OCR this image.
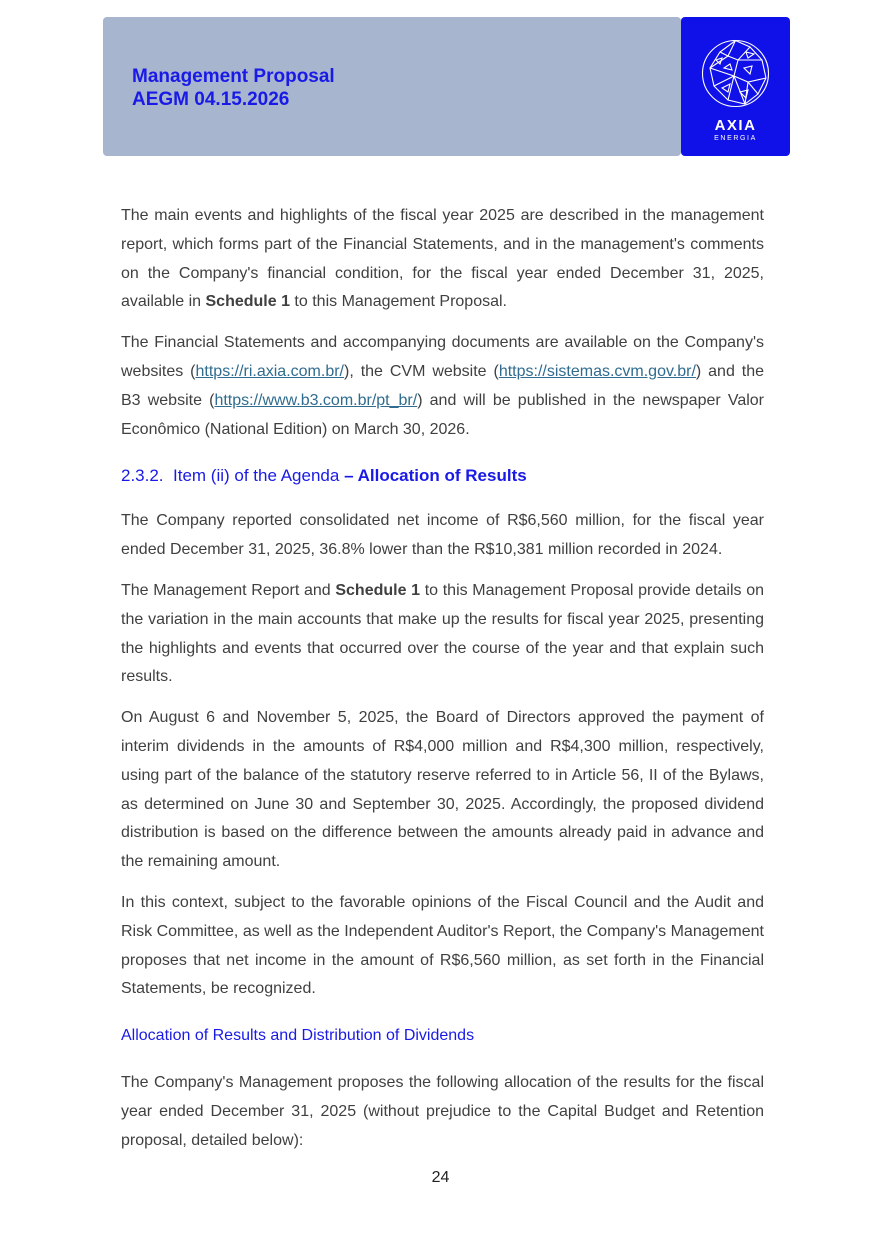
Management Proposal
AEGM 04.15.2026
AXIA
ENERGIA

The main events and highlights of the fiscal year 2025 are described in the management report, which forms part of the Financial Statements, and in the management's comments on the Company's financial condition, for the fiscal year ended December 31, 2025, available in Schedule 1 to this Management Proposal.

The Financial Statements and accompanying documents are available on the Company's websites (https://ri.axia.com.br/), the CVM website (https://sistemas.cvm.gov.br/) and the B3 website (https://www.b3.com.br/pt_br/) and will be published in the newspaper Valor Econômico (National Edition) on March 30, 2026.

2.3.2. Item (ii) of the Agenda – Allocation of Results

The Company reported consolidated net income of R$6,560 million, for the fiscal year ended December 31, 2025, 36.8% lower than the R$10,381 million recorded in 2024.

The Management Report and Schedule 1 to this Management Proposal provide details on the variation in the main accounts that make up the results for fiscal year 2025, presenting the highlights and events that occurred over the course of the year and that explain such results.

On August 6 and November 5, 2025, the Board of Directors approved the payment of interim dividends in the amounts of R$4,000 million and R$4,300 million, respectively, using part of the balance of the statutory reserve referred to in Article 56, II of the Bylaws, as determined on June 30 and September 30, 2025. Accordingly, the proposed dividend distribution is based on the difference between the amounts already paid in advance and the remaining amount.

In this context, subject to the favorable opinions of the Fiscal Council and the Audit and Risk Committee, as well as the Independent Auditor's Report, the Company's Management proposes that net income in the amount of R$6,560 million, as set forth in the Financial Statements, be recognized.

Allocation of Results and Distribution of Dividends

The Company's Management proposes the following allocation of the results for the fiscal year ended December 31, 2025 (without prejudice to the Capital Budget and Retention proposal, detailed below):

24
